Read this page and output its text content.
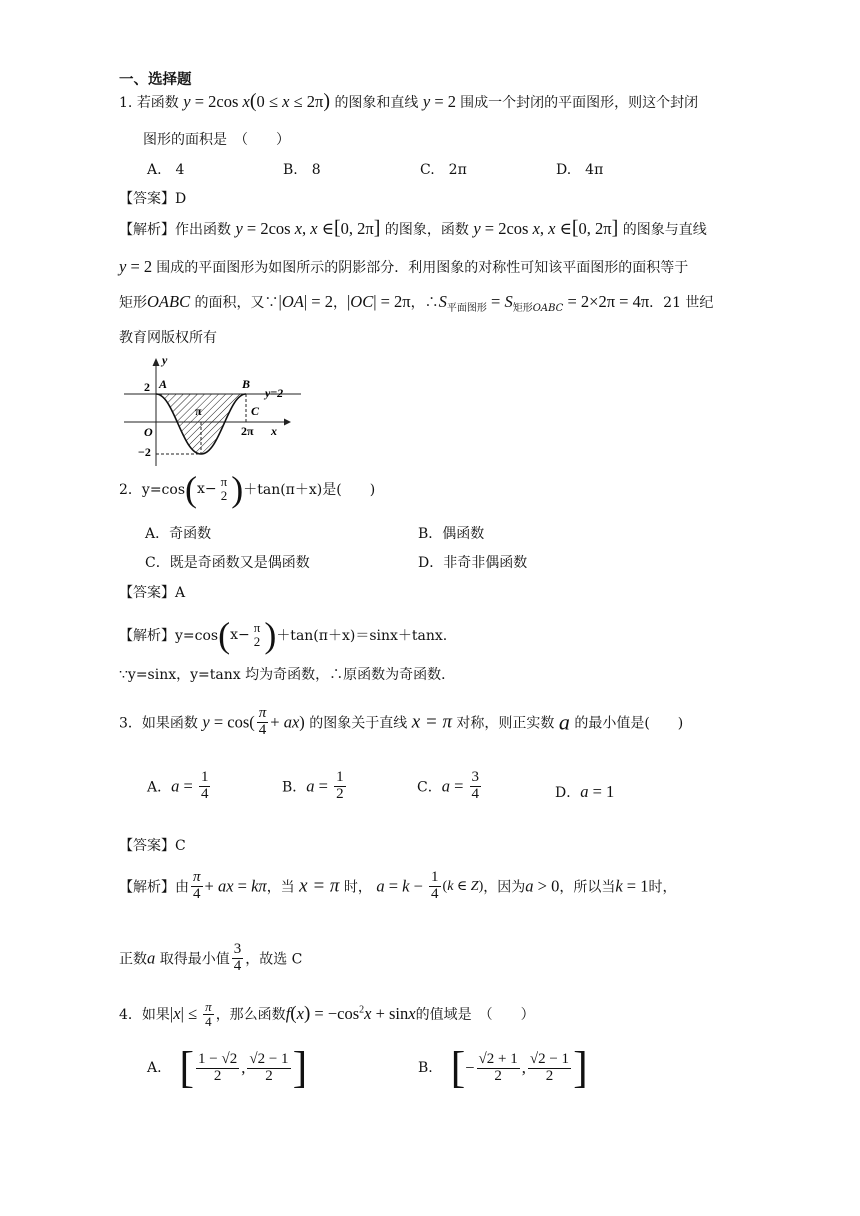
一、选择题
1. 若函数 y = 2cos x(0 ≤ x ≤ 2π) 的图象和直线 y = 2 围成一个封闭的平面图形，则这个封闭
图形的面积是　（　　）
A.　4	B.　8	C.　2π	D.　4π
【答案】D
【解析】作出函数 y = 2cos x, x ∈[0, 2π] 的图象，函数 y = 2cos x, x ∈[0, 2π] 的图象与直线
y = 2 围成的平面图形为如图所示的阴影部分．利用图象的对称性可知该平面图形的面积等于
矩形OABC 的面积，又∵|OA| = 2，|OC| = 2π，$\therefore S_{平面图形} = S_{矩形OABC} = 2\times 2\pi = 4\pi$．21 世纪
教育网版权所有
y
2 A	B
y=2
π	C
O	2π x
−2
2．y=cos(x− π
2 )＋tan(π＋x)是(　　)
A．奇函数	B．偶函数
C．既是奇函数又是偶函数	D．非奇非偶函数
【答案】A
【解析】y=cos(x− π
2 )＋tan(π＋x)＝sinx＋tanx.
∵y=sinx，y=tanx 均为奇函数，∴原函数为奇函数．
3．如果函数 $y = \cos( \frac{\pi}{4} + ax)$ 的图象关于直线 x = π 对称，则正实数 a 的最小值是(　　)
A．$a = \frac{1}{4}$	B．$a = \frac{1}{2}$	C．$a = \frac{3}{4}$	D．a = 1
【答案】C
【解析】由 $\frac{\pi}{4}$ + ax = kπ，当 x = π 时， $a = k - \frac{1}{4} (k$ ∈ Z)，因为a > 0，所以当k = 1时，
正数a 取得最小值 $\frac{3}{4}$ ，故选 C
4．如果$|x| \le \frac{\pi}{4}$ ，那么函数$f(x) = -\cos^2x + \sin x$的值域是　（　　）
A. [ $\frac{1 - √2}{2}$ , $\frac{√2 - 1}{2}$ ]	B. [− $\frac{√2 + 1}{2}$ , $\frac{√2 - 1}{2}$ ]
